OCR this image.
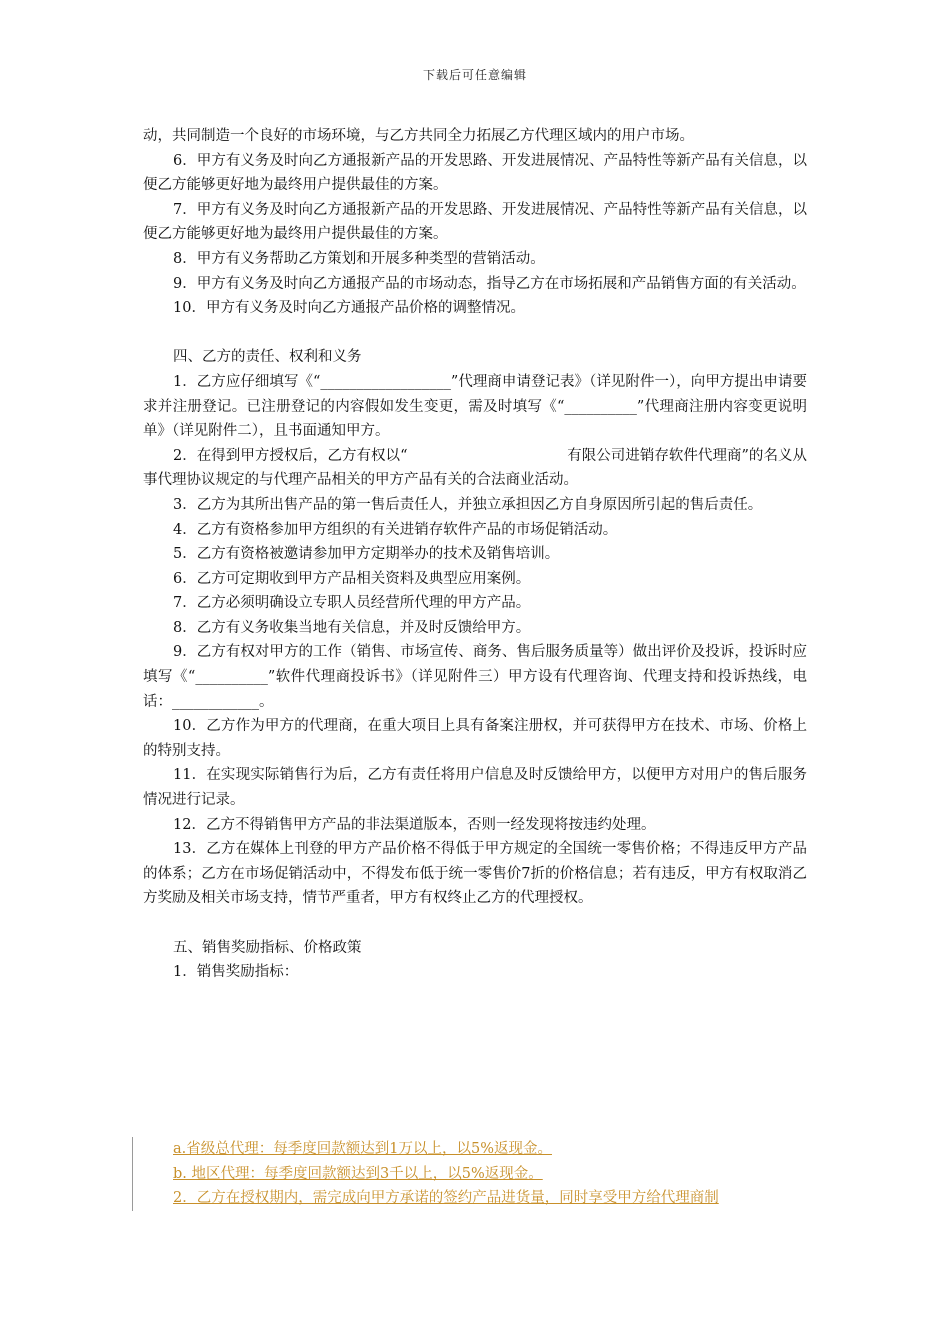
下载后可任意编辑

动，共同制造一个良好的市场环境，与乙方共同全力拓展乙方代理区域内的用户市场。

6．甲方有义务及时向乙方通报新产品的开发思路、开发进展情况、产品特性等新产品有关信息，以便乙方能够更好地为最终用户提供最佳的方案。

7．甲方有义务及时向乙方通报新产品的开发思路、开发进展情况、产品特性等新产品有关信息，以便乙方能够更好地为最终用户提供最佳的方案。

8．甲方有义务帮助乙方策划和开展多种类型的营销活动。

9．甲方有义务及时向乙方通报产品的市场动态，指导乙方在市场拓展和产品销售方面的有关活动。

10．甲方有义务及时向乙方通报产品价格的调整情况。

四、乙方的责任、权利和义务

1．乙方应仔细填写《“__________________”代理商申请登记表》（详见附件一），向甲方提出申请要求并注册登记。已注册登记的内容假如发生变更，需及时填写《“__________”代理商注册内容变更说明单》（详见附件二），且书面通知甲方。

2．在得到甲方授权后，乙方有权以“　　　　　　　　　　　有限公司进销存软件代理商”的名义从事代理协议规定的与代理产品相关的甲方产品有关的合法商业活动。

3．乙方为其所出售产品的第一售后责任人，并独立承担因乙方自身原因所引起的售后责任。

4．乙方有资格参加甲方组织的有关进销存软件产品的市场促销活动。

5．乙方有资格被邀请参加甲方定期举办的技术及销售培训。

6．乙方可定期收到甲方产品相关资料及典型应用案例。

7．乙方必须明确设立专职人员经营所代理的甲方产品。

8．乙方有义务收集当地有关信息，并及时反馈给甲方。

9．乙方有权对甲方的工作（销售、市场宣传、商务、售后服务质量等）做出评价及投诉，投诉时应填写《“__________”软件代理商投诉书》（详见附件三）甲方设有代理咨询、代理支持和投诉热线，电话：____________。

10．乙方作为甲方的代理商，在重大项目上具有备案注册权，并可获得甲方在技术、市场、价格上的特别支持。

11．在实现实际销售行为后，乙方有责任将用户信息及时反馈给甲方，以便甲方对用户的售后服务情况进行记录。

12．乙方不得销售甲方产品的非法渠道版本，否则一经发现将按违约处理。

13．乙方在媒体上刊登的甲方产品价格不得低于甲方规定的全国统一零售价格；不得违反甲方产品的体系；乙方在市场促销活动中，不得发布低于统一零售价7折的价格信息；若有违反，甲方有权取消乙方奖励及相关市场支持，情节严重者，甲方有权终止乙方的代理授权。

五、销售奖励指标、价格政策

1．销售奖励指标：

a.省级总代理：每季度回款额达到1万以上，以5%返现金。

b. 地区代理：每季度回款额达到3千以上，以5%返现金。

2．乙方在授权期内，需完成向甲方承诺的签约产品进货量，同时享受甲方给代理商制
